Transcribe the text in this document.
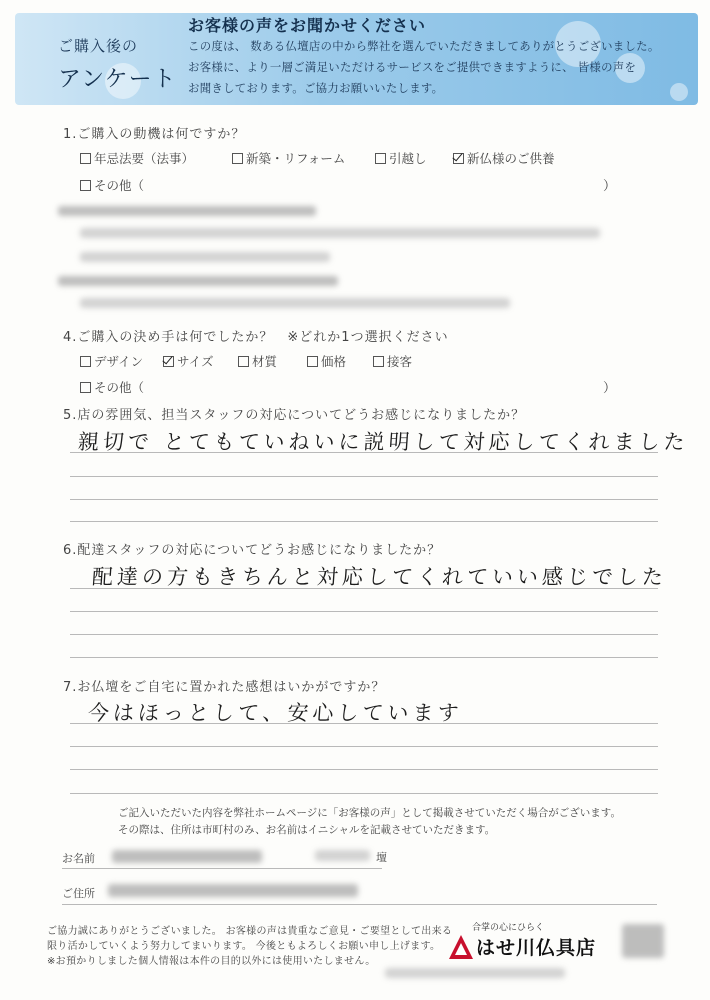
ご購入後の
アンケート
お客様の声をお聞かせください
この度は、 数ある仏壇店の中から弊社を選んでいただきましてありがとうございました。
お客様に、より一層ご満足いただけるサービスをご提供できますように、 皆様の声を
お聞きしております。ご協力お願いいたします。
1.ご購入の動機は何ですか？
年忌法要（法事）	新築・リフォーム	引越し	新仏様のご供養
その他（	）
4.ご購入の決め手は何でしたか？　※どれか1つ選択ください
デザイン	サイズ	材質	価格	接客
その他（	）
5.店の雰囲気、担当スタッフの対応についてどうお感じになりましたか？
親切で とてもていねいに説明して対応してくれました
6.配達スタッフの対応についてどうお感じになりましたか？
配達の方もきちんと対応してくれていい感じでした
7.お仏壇をご自宅に置かれた感想はいかがですか？
今はほっとして、安心しています
ご記入いただいた内容を弊社ホームページに「お客様の声」として掲載させていただく場合がございます。
その際は、住所は市町村のみ、お名前はイニシャルを記載させていただきます。
お名前	壇
ご住所
ご協力誠にありがとうございました。 お客様の声は貴重なご意見・ご要望として出来る
限り活かしていくよう努力してまいります。 今後ともよろしくお願い申し上げます。
※お預かりしました個人情報は本件の目的以外には使用いたしません。
合掌の心にひらく
はせ川仏具店
